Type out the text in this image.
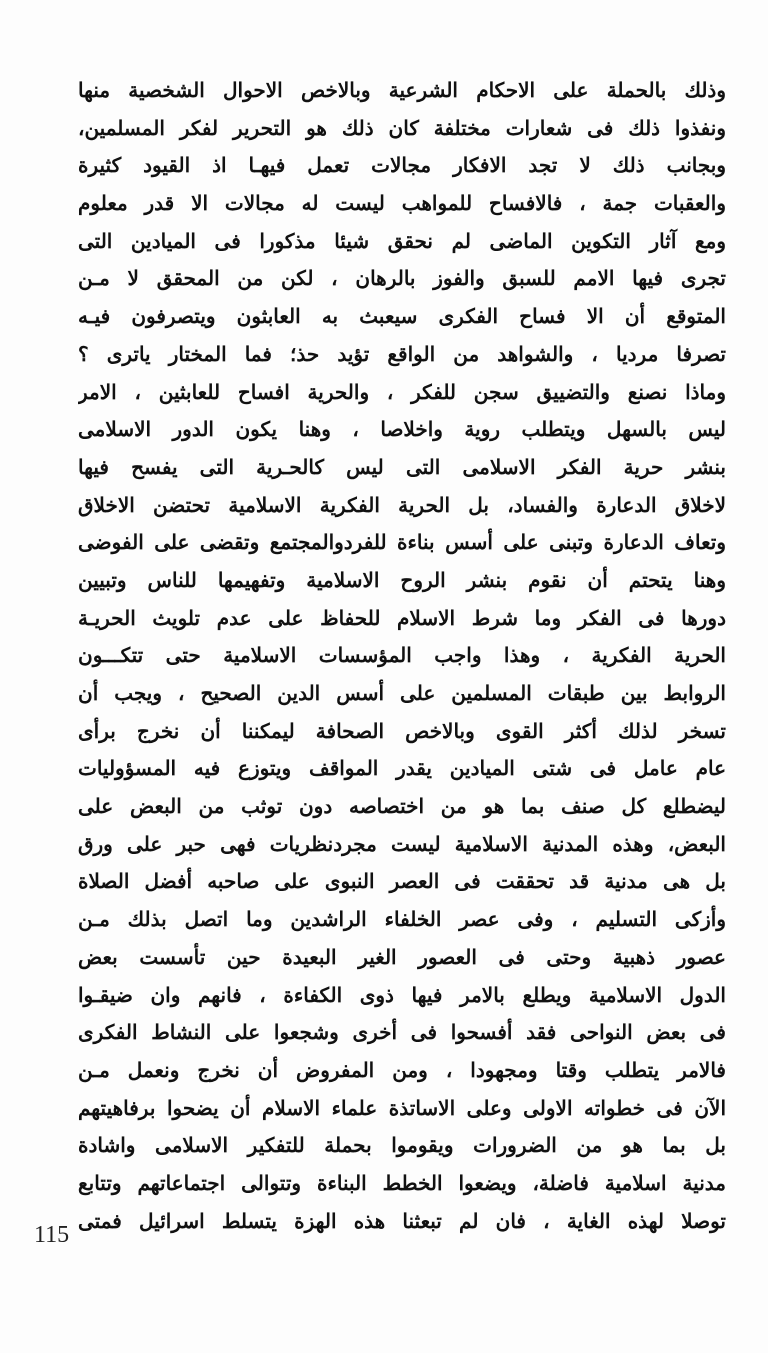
وذلك بالحملة على الاحكام الشرعية وبالاخص الاحوال الشخصية منها
ونفذوا ذلك فى شعارات مختلفة كان ذلك هو التحرير لفكر المسلمين،
وبجانب ذلك لا تجد الافكار مجالات تعمل فيهـا اذ القيود كثيرة
والعقبات جمة ، فالافساح للمواهب ليست له مجالات الا قدر معلوم
ومع آثار التكوين الماضى لم نحقق شيئا مذكورا فى الميادين التى
تجرى فيها الامم للسبق والفوز بالرهان ، لكن من المحقق لا مـن
المتوقع أن الا فساح الفكرى سيعبث به العابثون ويتصرفون فيـه
تصرفا مرديا ، والشواهد من الواقع تؤيد حذ؛ فما المختار ياترى ؟
وماذا نصنع والتضييق سجن للفكر ، والحرية افساح للعابثين ، الامر
ليس بالسهل ويتطلب روية واخلاصا ، وهنا يكون الدور الاسلامى
بنشر حرية الفكر الاسلامى التى ليس كالحـرية التى يفسح فيها
لاخلاق الدعارة والفساد، بل الحرية الفكرية الاسلامية تحتضن الاخلاق
وتعاف الدعارة وتبنى على أسس بناءة للفردوالمجتمع وتقضى على الفوضى
وهنا يتحتم أن نقوم بنشر الروح الاسلامية وتفهيمها للناس وتبيين
دورها فى الفكر وما شرط الاسلام للحفاظ على عدم تلويث الحريـة
الحرية الفكرية ، وهذا واجب المؤسسات الاسلامية حتى تتكـــون
الروابط بين طبقات المسلمين على أسس الدين الصحيح ، ويجب أن
تسخر لذلك أكثر القوى وبالاخص الصحافة ليمكننا أن نخرج برأى
عام عامل فى شتى الميادين يقدر المواقف ويتوزع فيه المسؤوليات
ليضطلع كل صنف بما هو من اختصاصه دون توثب من البعض على
البعض، وهذه المدنية الاسلامية ليست مجردنظريات فهى حبر على ورق
بل هى مدنية قد تحققت فى العصر النبوى على صاحبه أفضل الصلاة
وأزكى التسليم ، وفى عصر الخلفاء الراشدين وما اتصل بذلك مـن
عصور ذهبية وحتى فى العصور الغير البعيدة حين تأسست بعض
الدول الاسلامية ويطلع بالامر فيها ذوى الكفاءة ، فانهم وان ضيقـوا
فى بعض النواحى فقد أفسحوا فى أخرى وشجعوا على النشاط الفكرى
فالامر يتطلب وقتا ومجهودا ، ومن المفروض أن نخرج ونعمل مـن
الآن فى خطواته الاولى وعلى الاساتذة علماء الاسلام أن يضحوا برفاهيتهم
بل بما هو من الضرورات ويقوموا بحملة للتفكير الاسلامى واشادة
مدنية اسلامية فاضلة، ويضعوا الخطط البناءة وتتوالى اجتماعاتهم وتتابع
توصلا لهذه الغاية ، فان لم تبعثنا هذه الهزة يتسلط اسرائيل فمتى
115
